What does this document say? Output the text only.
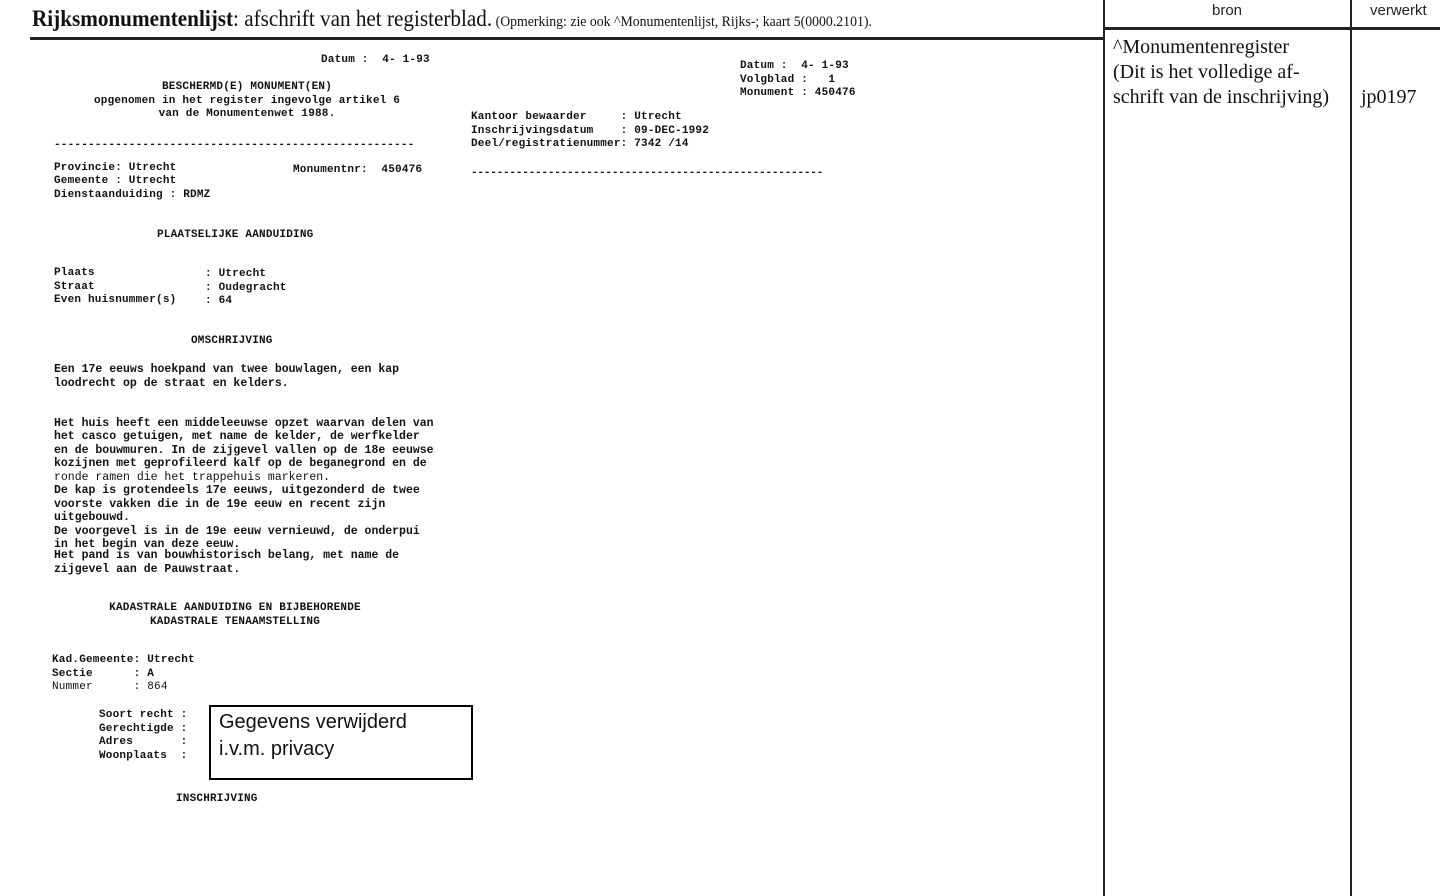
Rijksmonumentenlijst: afschrift van het registerblad. (Opmerking: zie ook ^Monumentenlijst, Rijks-; kaart 5(0000.2101).
bron	verwerkt
^Monumentenregister
(Dit is het volledige af-
schrift van de inschrijving) jp0197
Datum :  4- 1-93
BESCHERMD(E) MONUMENT(EN)
opgenomen in het register ingevolge artikel 6
van de Monumentenwet 1988.
-----------------------------------------------------
Provincie: Utrecht	Monumentnr:  450476
Gemeente : Utrecht
Dienstaanduiding : RDMZ
PLAATSELIJKE AANDUIDING
Plaats
Straat
Even huisnummer(s)
: Utrecht
: Oudegracht
: 64
OMSCHRIJVING
Een 17e eeuws hoekpand van twee bouwlagen, een kap
loodrecht op de straat en kelders.

Het huis heeft een middeleeuwse opzet waarvan delen van
het casco getuigen, met name de kelder, de werfkelder
en de bouwmuren. In de zijgevel vallen op de 18e eeuwse
kozijnen met geprofileerd kalf op de beganegrond en de
ronde ramen die het trappehuis markeren.
De kap is grotendeels 17e eeuws, uitgezonderd de twee
voorste vakken die in de 19e eeuw en recent zijn
uitgebouwd.
De voorgevel is in de 19e eeuw vernieuwd, de onderpui
in het begin van deze eeuw.
Het pand is van bouwhistorisch belang, met name de
zijgevel aan de Pauwstraat.
KADASTRALE AANDUIDING EN BIJBEHORENDE
KADASTRALE TENAAMSTELLING
Kad.Gemeente: Utrecht
Sectie      : A
Nummer      : 864
Soort recht :
Gerechtigde :
Adres       :
Woonplaats  :
Gegevens verwijderd
i.v.m. privacy
INSCHRIJVING
Datum :  4- 1-93
Volgblad :   1
Monument : 450476
Kantoor bewaarder     : Utrecht
Inschrijvingsdatum    : 09-DEC-1992
Deel/registratienummer: 7342 /14
-------------------------------------------------------
